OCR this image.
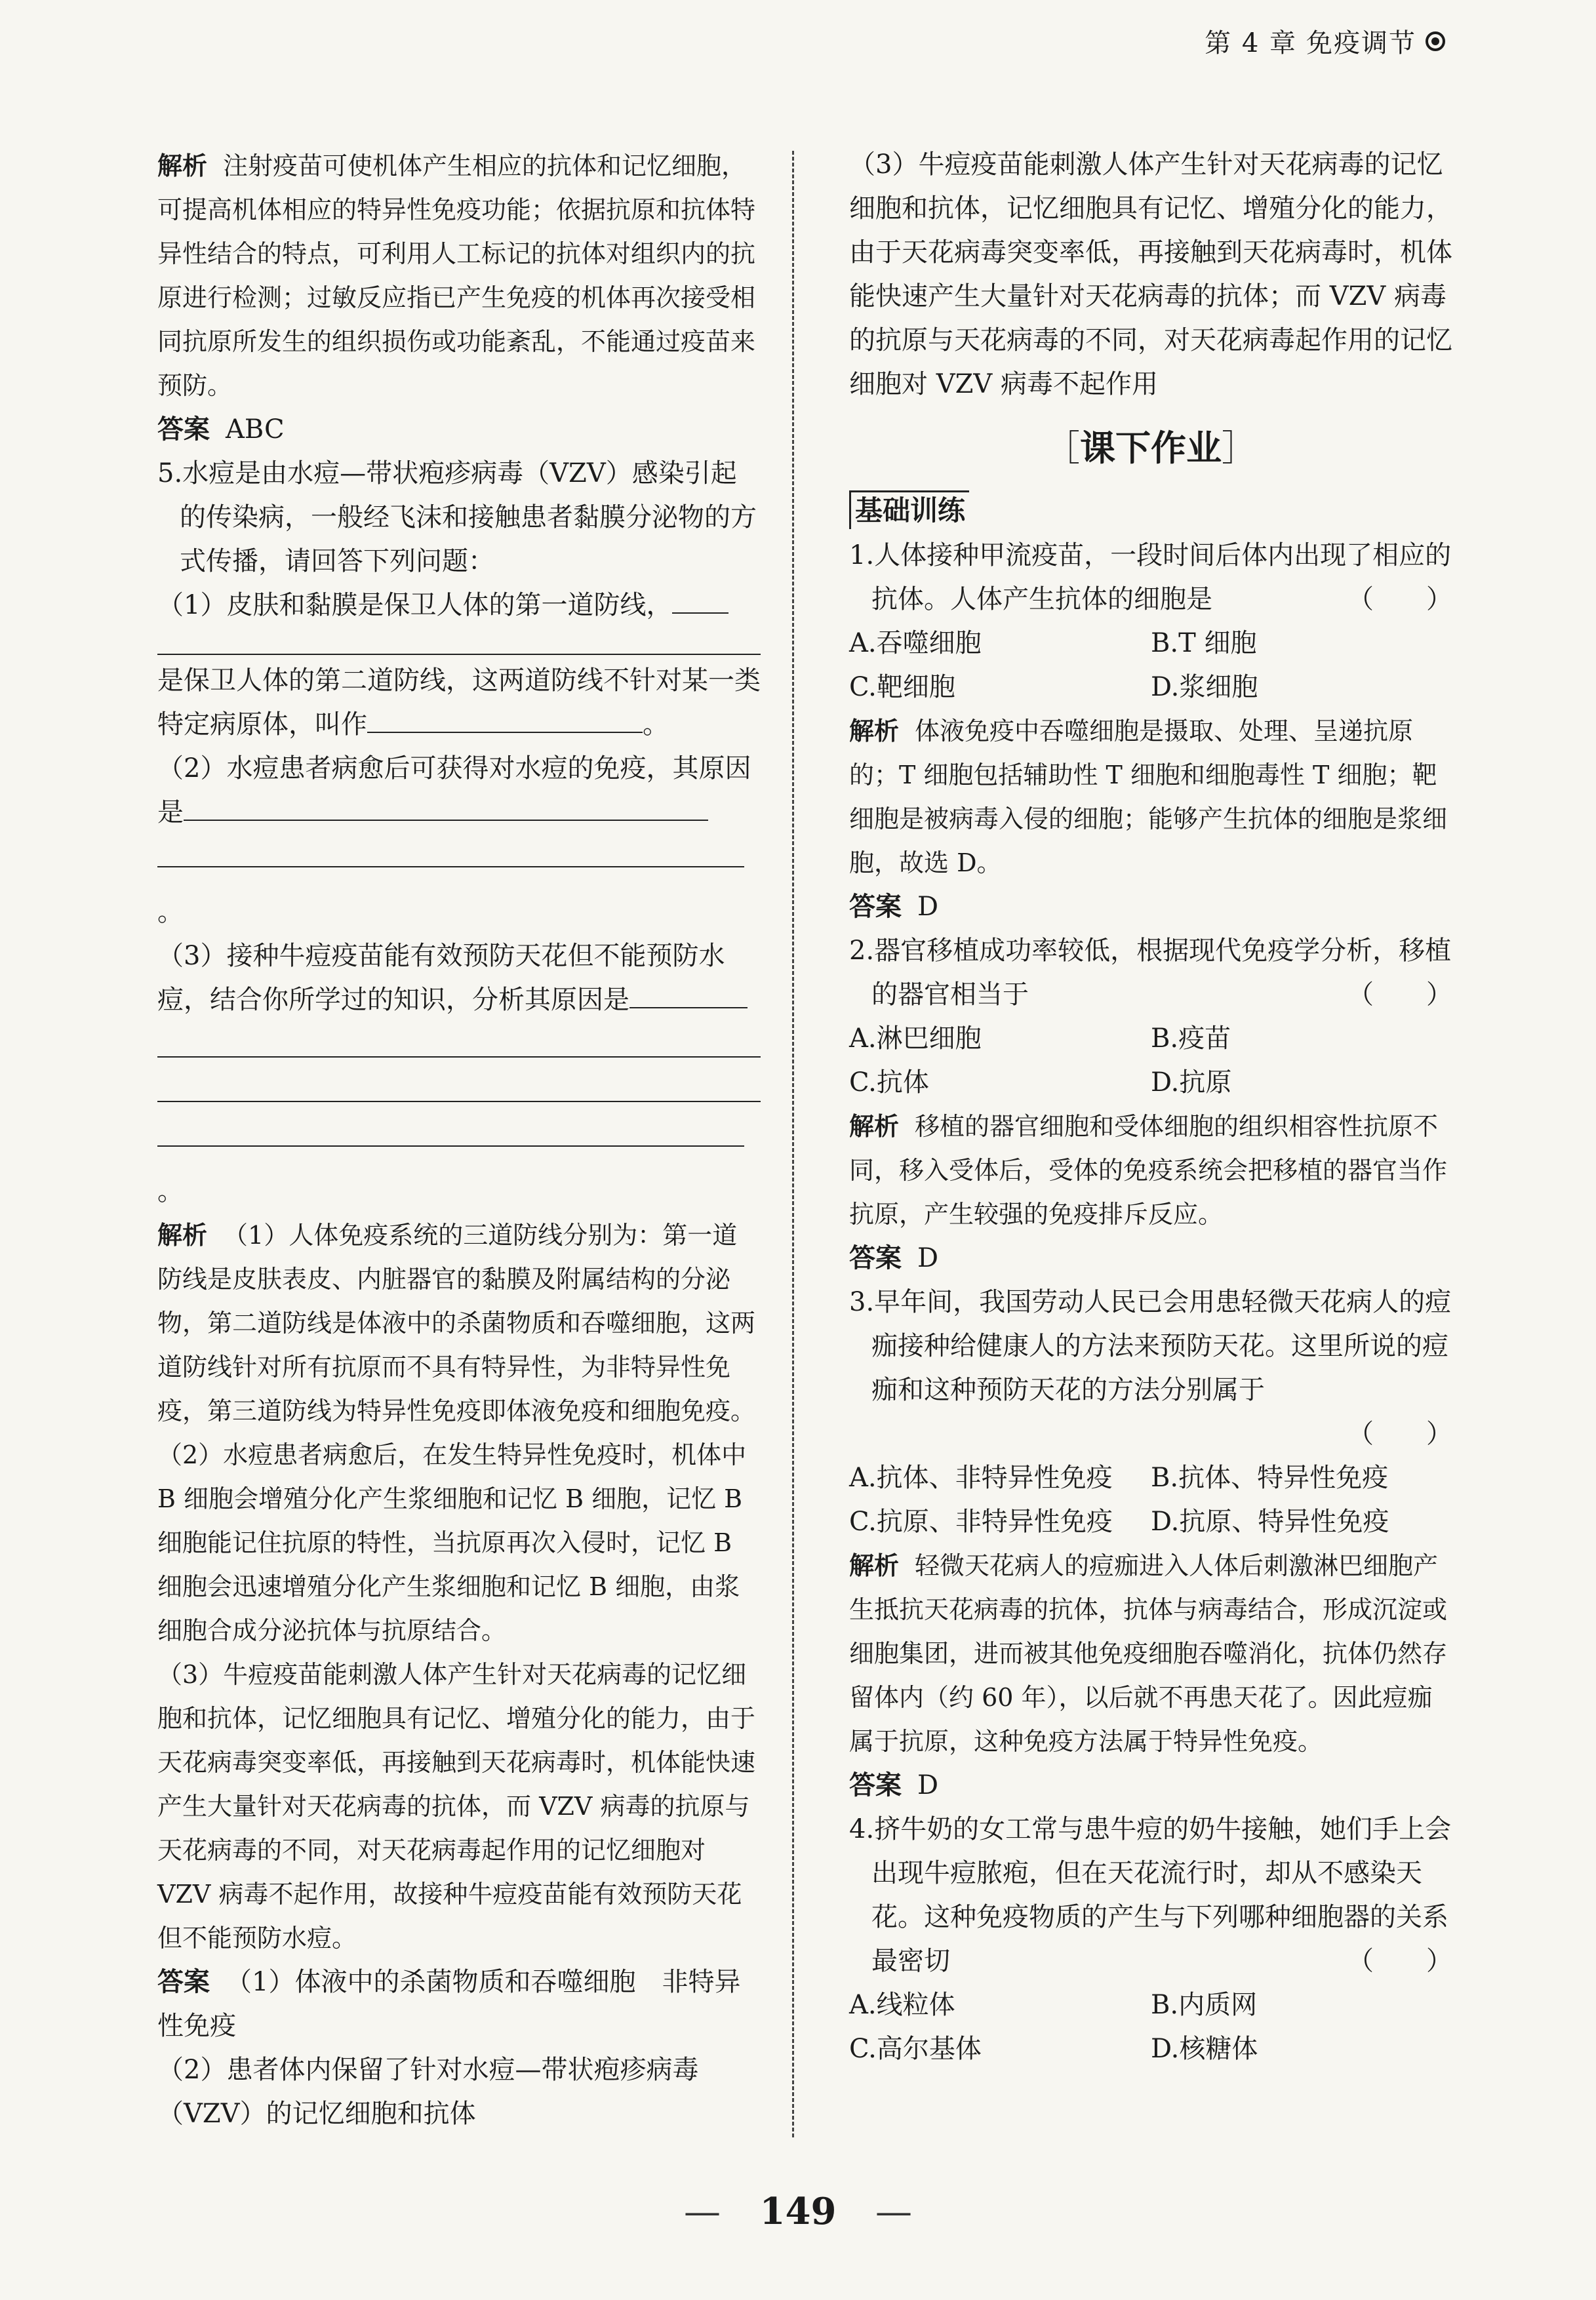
第 4 章 免疫调节

解析 注射疫苗可使机体产生相应的抗体和记忆细胞，可提高机体相应的特异性免疫功能；依据抗原和抗体特异性结合的特点，可利用人工标记的抗体对组织内的抗原进行检测；过敏反应指已产生免疫的机体再次接受相同抗原所发生的组织损伤或功能紊乱，不能通过疫苗来预防。

答案 ABC

5.水痘是由水痘—带状疱疹病毒（VZV）感染引起的传染病，一般经飞沫和接触患者黏膜分泌物的方式传播，请回答下列问题：

（1）皮肤和黏膜是保卫人体的第一道防线，

是保卫人体的第二道防线，这两道防线不针对某一类特定病原体，叫作	。

（2）水痘患者病愈后可获得对水痘的免疫，其原因是

。

（3）接种牛痘疫苗能有效预防天花但不能预防水痘，结合你所学过的知识，分析其原因是

。

解析 （1）人体免疫系统的三道防线分别为：第一道防线是皮肤表皮、内脏器官的黏膜及附属结构的分泌物，第二道防线是体液中的杀菌物质和吞噬细胞，这两道防线针对所有抗原而不具有特异性，为非特异性免疫，第三道防线为特异性免疫即体液免疫和细胞免疫。

（2）水痘患者病愈后，在发生特异性免疫时，机体中 B 细胞会增殖分化产生浆细胞和记忆 B 细胞，记忆 B 细胞能记住抗原的特性，当抗原再次入侵时，记忆 B 细胞会迅速增殖分化产生浆细胞和记忆 B 细胞，由浆细胞合成分泌抗体与抗原结合。

（3）牛痘疫苗能刺激人体产生针对天花病毒的记忆细胞和抗体，记忆细胞具有记忆、增殖分化的能力，由于天花病毒突变率低，再接触到天花病毒时，机体能快速产生大量针对天花病毒的抗体，而 VZV 病毒的抗原与天花病毒的不同，对天花病毒起作用的记忆细胞对 VZV 病毒不起作用，故接种牛痘疫苗能有效预防天花但不能预防水痘。

答案 （1）体液中的杀菌物质和吞噬细胞　非特异性免疫

（2）患者体内保留了针对水痘—带状疱疹病毒（VZV）的记忆细胞和抗体

（3）牛痘疫苗能刺激人体产生针对天花病毒的记忆细胞和抗体，记忆细胞具有记忆、增殖分化的能力，由于天花病毒突变率低，再接触到天花病毒时，机体能快速产生大量针对天花病毒的抗体；而 VZV 病毒的抗原与天花病毒的不同，对天花病毒起作用的记忆细胞对 VZV 病毒不起作用

［ 课下作业 ］
基础训练

1.人体接种甲流疫苗，一段时间后体内出现了相应的抗体。人体产生抗体的细胞是	（　　）

A.吞噬细胞	B.T 细胞
C.靶细胞	D.浆细胞

解析 体液免疫中吞噬细胞是摄取、处理、呈递抗原的；T 细胞包括辅助性 T 细胞和细胞毒性 T 细胞；靶细胞是被病毒入侵的细胞；能够产生抗体的细胞是浆细胞，故选 D。

答案 D

2.器官移植成功率较低，根据现代免疫学分析，移植的器官相当于	（　　）

A.淋巴细胞	B.疫苗
C.抗体	D.抗原

解析 移植的器官细胞和受体细胞的组织相容性抗原不同，移入受体后，受体的免疫系统会把移植的器官当作抗原，产生较强的免疫排斥反应。

答案 D

3.早年间，我国劳动人民已会用患轻微天花病人的痘痂接种给健康人的方法来预防天花。这里所说的痘痂和这种预防天花的方法分别属于

（　　）

A.抗体、非特异性免疫	B.抗体、特异性免疫
C.抗原、非特异性免疫	D.抗原、特异性免疫

解析 轻微天花病人的痘痂进入人体后刺激淋巴细胞产生抵抗天花病毒的抗体，抗体与病毒结合，形成沉淀或细胞集团，进而被其他免疫细胞吞噬消化，抗体仍然存留体内（约 60 年），以后就不再患天花了。因此痘痂属于抗原，这种免疫方法属于特异性免疫。

答案 D

4.挤牛奶的女工常与患牛痘的奶牛接触，她们手上会出现牛痘脓疱，但在天花流行时，却从不感染天花。这种免疫物质的产生与下列哪种细胞器的关系最密切	（　　）

A.线粒体	B.内质网
C.高尔基体	D.核糖体
— 149 —
